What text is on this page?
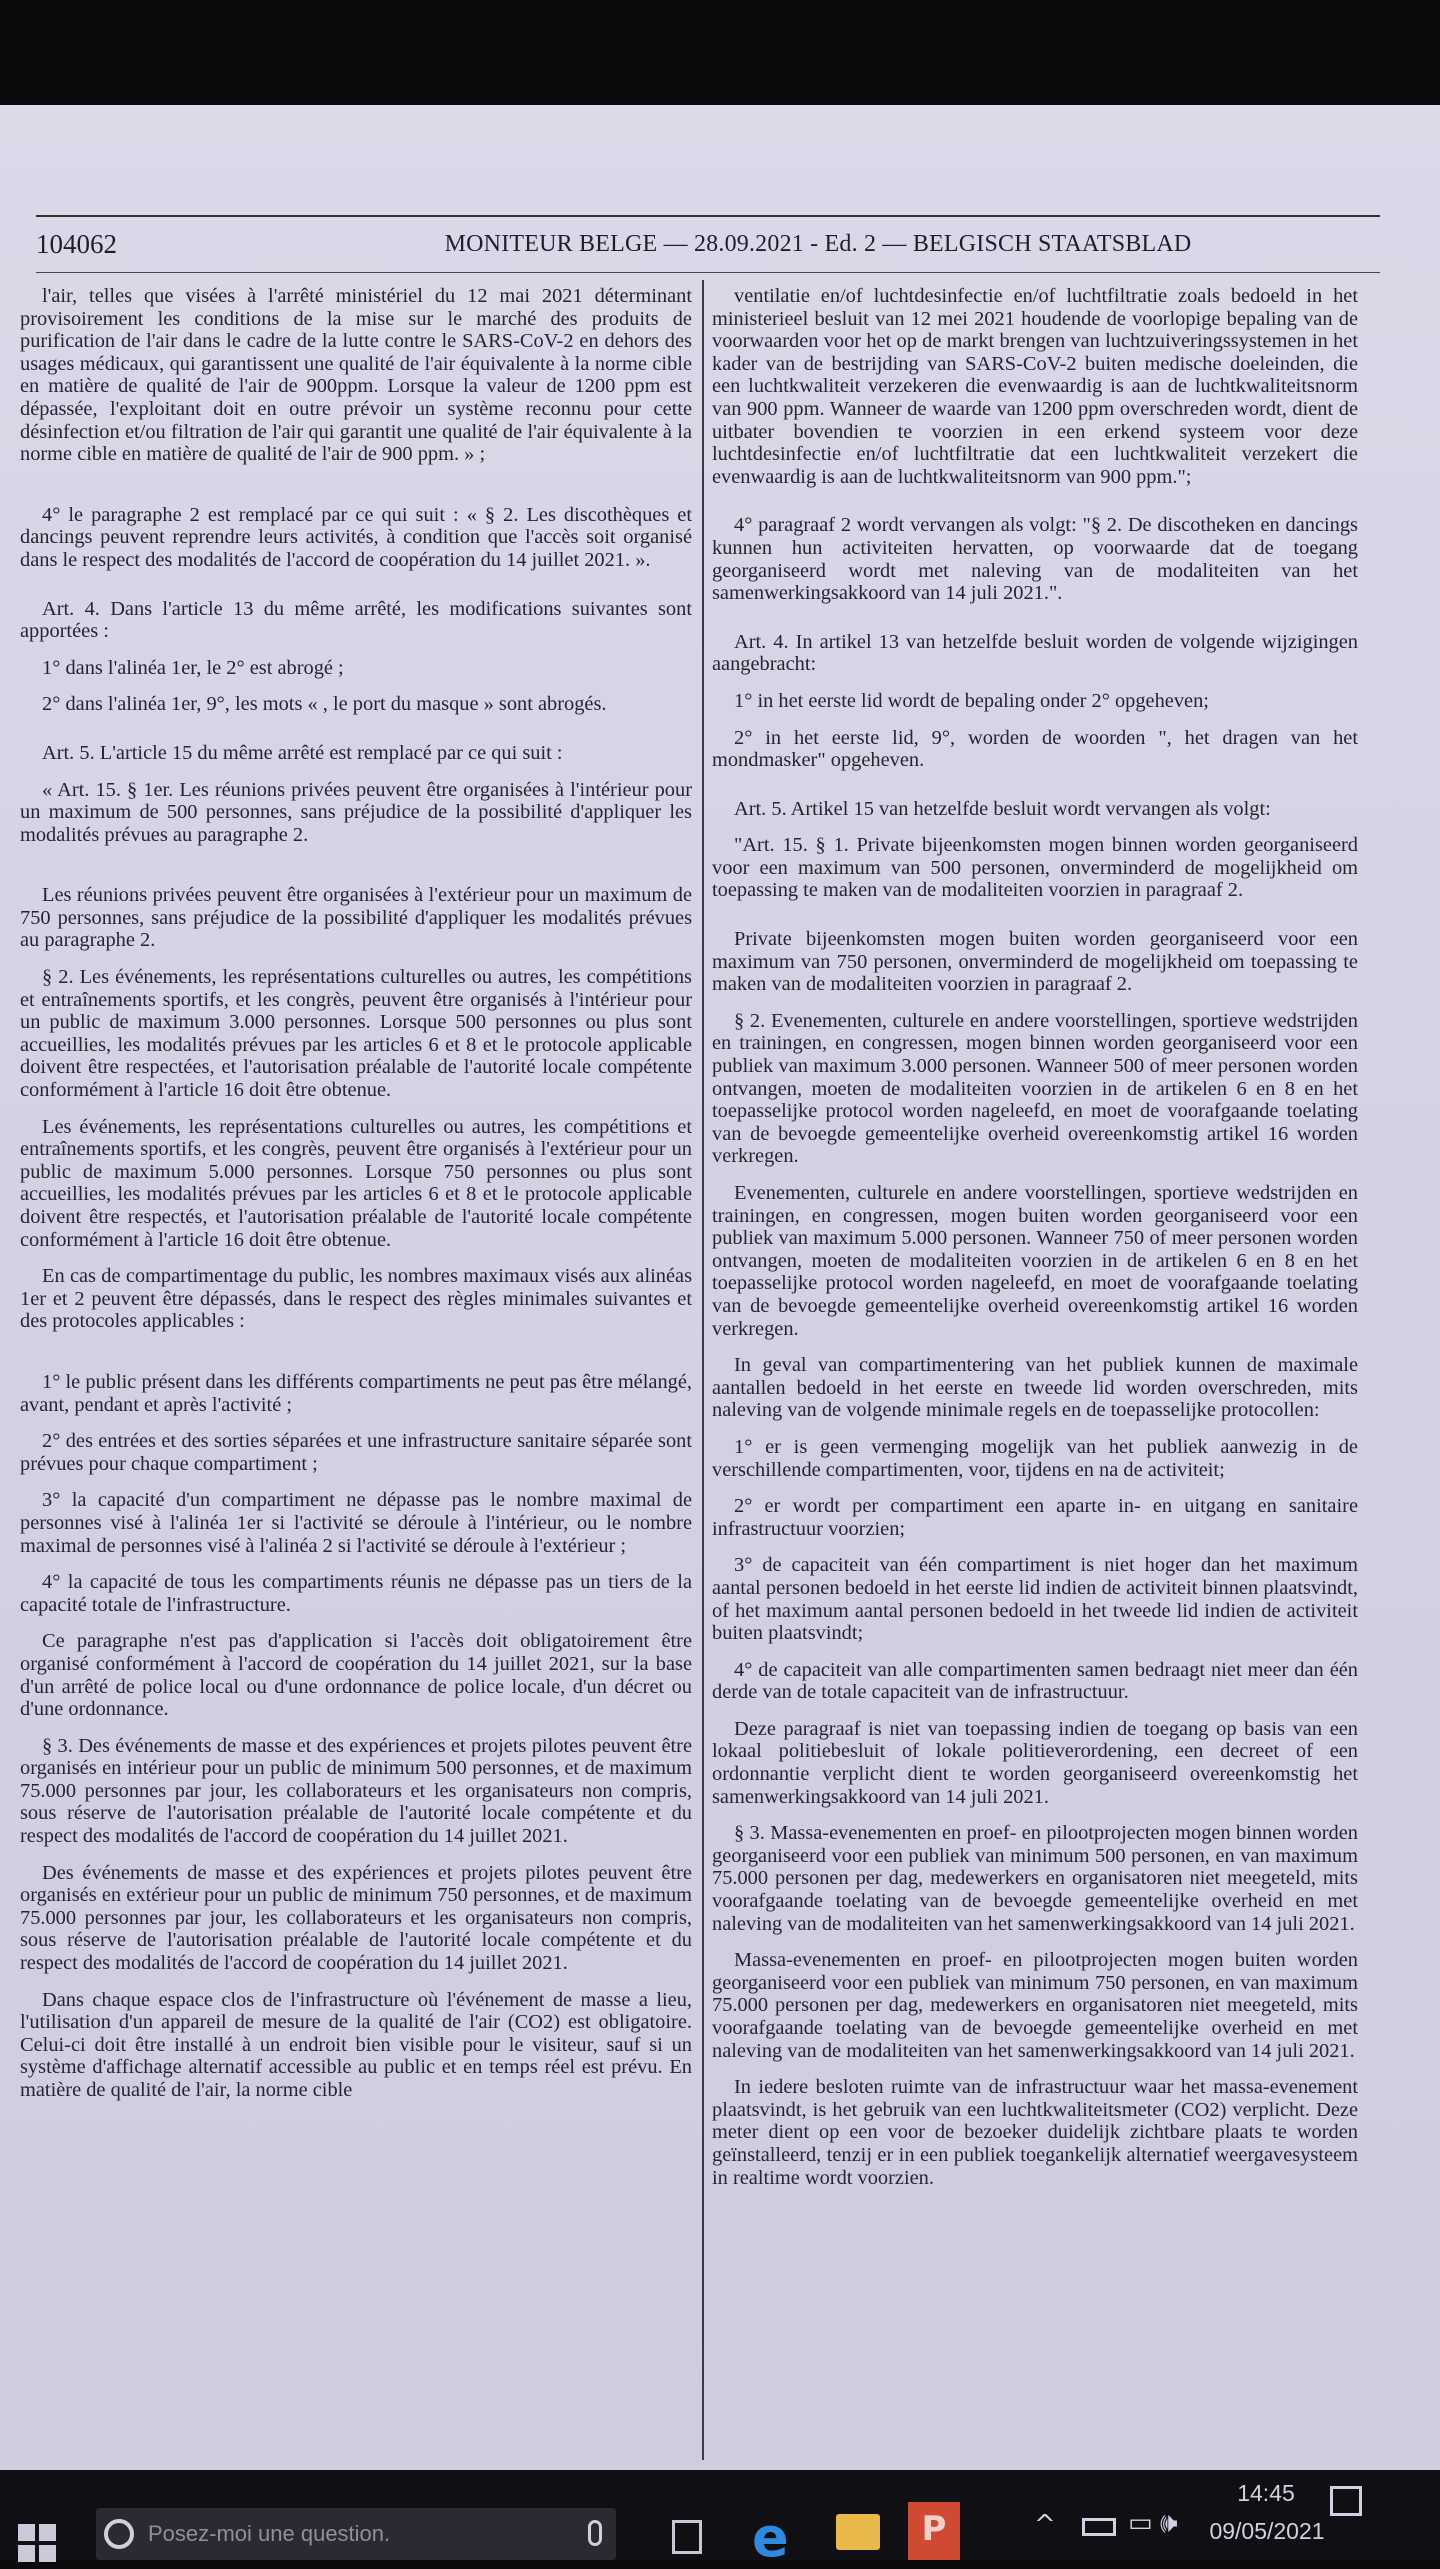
104062	MONITEUR BELGE — 28.09.2021 - Ed. 2 — BELGISCH STAATSBLAD

l'air, telles que visées à l'arrêté ministériel du 12 mai 2021 déterminant provisoirement les conditions de la mise sur le marché des produits de purification de l'air dans le cadre de la lutte contre le SARS-CoV-2 en dehors des usages médicaux, qui garantissent une qualité de l'air équivalente à la norme cible en matière de qualité de l'air de 900ppm. Lorsque la valeur de 1200 ppm est dépassée, l'exploitant doit en outre prévoir un système reconnu pour cette désinfection et/ou filtration de l'air qui garantit une qualité de l'air équivalente à la norme cible en matière de qualité de l'air de 900 ppm. » ;

4° le paragraphe 2 est remplacé par ce qui suit : « § 2. Les discothèques et dancings peuvent reprendre leurs activités, à condition que l'accès soit organisé dans le respect des modalités de l'accord de coopération du 14 juillet 2021. ».

Art. 4. Dans l'article 13 du même arrêté, les modifications suivantes sont apportées :

1° dans l'alinéa 1er, le 2° est abrogé ;

2° dans l'alinéa 1er, 9°, les mots « , le port du masque » sont abrogés.

Art. 5. L'article 15 du même arrêté est remplacé par ce qui suit :

« Art. 15. § 1er. Les réunions privées peuvent être organisées à l'intérieur pour un maximum de 500 personnes, sans préjudice de la possibilité d'appliquer les modalités prévues au paragraphe 2.

Les réunions privées peuvent être organisées à l'extérieur pour un maximum de 750 personnes, sans préjudice de la possibilité d'appliquer les modalités prévues au paragraphe 2.

§ 2. Les événements, les représentations culturelles ou autres, les compétitions et entraînements sportifs, et les congrès, peuvent être organisés à l'intérieur pour un public de maximum 3.000 personnes. Lorsque 500 personnes ou plus sont accueillies, les modalités prévues par les articles 6 et 8 et le protocole applicable doivent être respectées, et l'autorisation préalable de l'autorité locale compétente conformément à l'article 16 doit être obtenue.

Les événements, les représentations culturelles ou autres, les compétitions et entraînements sportifs, et les congrès, peuvent être organisés à l'extérieur pour un public de maximum 5.000 personnes. Lorsque 750 personnes ou plus sont accueillies, les modalités prévues par les articles 6 et 8 et le protocole applicable doivent être respectés, et l'autorisation préalable de l'autorité locale compétente conformément à l'article 16 doit être obtenue.

En cas de compartimentage du public, les nombres maximaux visés aux alinéas 1er et 2 peuvent être dépassés, dans le respect des règles minimales suivantes et des protocoles applicables :

1° le public présent dans les différents compartiments ne peut pas être mélangé, avant, pendant et après l'activité ;

2° des entrées et des sorties séparées et une infrastructure sanitaire séparée sont prévues pour chaque compartiment ;

3° la capacité d'un compartiment ne dépasse pas le nombre maximal de personnes visé à l'alinéa 1er si l'activité se déroule à l'intérieur, ou le nombre maximal de personnes visé à l'alinéa 2 si l'activité se déroule à l'extérieur ;

4° la capacité de tous les compartiments réunis ne dépasse pas un tiers de la capacité totale de l'infrastructure.

Ce paragraphe n'est pas d'application si l'accès doit obligatoirement être organisé conformément à l'accord de coopération du 14 juillet 2021, sur la base d'un arrêté de police local ou d'une ordonnance de police locale, d'un décret ou d'une ordonnance.

§ 3. Des événements de masse et des expériences et projets pilotes peuvent être organisés en intérieur pour un public de minimum 500 personnes, et de maximum 75.000 personnes par jour, les collaborateurs et les organisateurs non compris, sous réserve de l'autorisation préalable de l'autorité locale compétente et du respect des modalités de l'accord de coopération du 14 juillet 2021.

Des événements de masse et des expériences et projets pilotes peuvent être organisés en extérieur pour un public de minimum 750 personnes, et de maximum 75.000 personnes par jour, les collaborateurs et les organisateurs non compris, sous réserve de l'autorisation préalable de l'autorité locale compétente et du respect des modalités de l'accord de coopération du 14 juillet 2021.

Dans chaque espace clos de l'infrastructure où l'événement de masse a lieu, l'utilisation d'un appareil de mesure de la qualité de l'air (CO2) est obligatoire. Celui-ci doit être installé à un endroit bien visible pour le visiteur, sauf si un système d'affichage alternatif accessible au public et en temps réel est prévu. En matière de qualité de l'air, la norme cible

ventilatie en/of luchtdesinfectie en/of luchtfiltratie zoals bedoeld in het ministerieel besluit van 12 mei 2021 houdende de voorlopige bepaling van de voorwaarden voor het op de markt brengen van luchtzuiveringssystemen in het kader van de bestrijding van SARS-CoV-2 buiten medische doeleinden, die een luchtkwaliteit verzekeren die evenwaardig is aan de luchtkwaliteitsnorm van 900 ppm. Wanneer de waarde van 1200 ppm overschreden wordt, dient de uitbater bovendien te voorzien in een erkend systeem voor deze luchtdesinfectie en/of luchtfiltratie dat een luchtkwaliteit verzekert die evenwaardig is aan de luchtkwaliteitsnorm van 900 ppm.";

4° paragraaf 2 wordt vervangen als volgt: "§ 2. De discotheken en dancings kunnen hun activiteiten hervatten, op voorwaarde dat de toegang georganiseerd wordt met naleving van de modaliteiten van het samenwerkingsakkoord van 14 juli 2021.".

Art. 4. In artikel 13 van hetzelfde besluit worden de volgende wijzigingen aangebracht:

1° in het eerste lid wordt de bepaling onder 2° opgeheven;

2° in het eerste lid, 9°, worden de woorden ", het dragen van het mondmasker" opgeheven.

Art. 5. Artikel 15 van hetzelfde besluit wordt vervangen als volgt:

"Art. 15. § 1. Private bijeenkomsten mogen binnen worden georganiseerd voor een maximum van 500 personen, onverminderd de mogelijkheid om toepassing te maken van de modaliteiten voorzien in paragraaf 2.

Private bijeenkomsten mogen buiten worden georganiseerd voor een maximum van 750 personen, onverminderd de mogelijkheid om toepassing te maken van de modaliteiten voorzien in paragraaf 2.

§ 2. Evenementen, culturele en andere voorstellingen, sportieve wedstrijden en trainingen, en congressen, mogen binnen worden georganiseerd voor een publiek van maximum 3.000 personen. Wanneer 500 of meer personen worden ontvangen, moeten de modaliteiten voorzien in de artikelen 6 en 8 en het toepasselijke protocol worden nageleefd, en moet de voorafgaande toelating van de bevoegde gemeentelijke overheid overeenkomstig artikel 16 worden verkregen.

Evenementen, culturele en andere voorstellingen, sportieve wedstrijden en trainingen, en congressen, mogen buiten worden georganiseerd voor een publiek van maximum 5.000 personen. Wanneer 750 of meer personen worden ontvangen, moeten de modaliteiten voorzien in de artikelen 6 en 8 en het toepasselijke protocol worden nageleefd, en moet de voorafgaande toelating van de bevoegde gemeentelijke overheid overeenkomstig artikel 16 worden verkregen.

In geval van compartimentering van het publiek kunnen de maximale aantallen bedoeld in het eerste en tweede lid worden overschreden, mits naleving van de volgende minimale regels en de toepasselijke protocollen:

1° er is geen vermenging mogelijk van het publiek aanwezig in de verschillende compartimenten, voor, tijdens en na de activiteit;

2° er wordt per compartiment een aparte in- en uitgang en sanitaire infrastructuur voorzien;

3° de capaciteit van één compartiment is niet hoger dan het maximum aantal personen bedoeld in het eerste lid indien de activiteit binnen plaatsvindt, of het maximum aantal personen bedoeld in het tweede lid indien de activiteit buiten plaatsvindt;

4° de capaciteit van alle compartimenten samen bedraagt niet meer dan één derde van de totale capaciteit van de infrastructuur.

Deze paragraaf is niet van toepassing indien de toegang op basis van een lokaal politiebesluit of lokale politieverordening, een decreet of een ordonnantie verplicht dient te worden georganiseerd overeenkomstig het samenwerkingsakkoord van 14 juli 2021.

§ 3. Massa-evenementen en proef- en pilootprojecten mogen binnen worden georganiseerd voor een publiek van minimum 500 personen, en van maximum 75.000 personen per dag, medewerkers en organisatoren niet meegeteld, mits voorafgaande toelating van de bevoegde gemeentelijke overheid en met naleving van de modaliteiten van het samenwerkingsakkoord van 14 juli 2021.

Massa-evenementen en proef- en pilootprojecten mogen buiten worden georganiseerd voor een publiek van minimum 750 personen, en van maximum 75.000 personen per dag, medewerkers en organisatoren niet meegeteld, mits voorafgaande toelating van de bevoegde gemeentelijke overheid en met naleving van de modaliteiten van het samenwerkingsakkoord van 14 juli 2021.

In iedere besloten ruimte van de infrastructuur waar het massa-evenement plaatsvindt, is het gebruik van een luchtkwaliteitsmeter (CO2) verplicht. Deze meter dient op een voor de bezoeker duidelijk zichtbare plaats te worden geïnstalleerd, tenzij er in een publiek toegankelijk alternatief weergavesysteem in realtime wordt voorzien.

Posez-moi une question.	e	P	^	▭ 🕪
14:45
09/05/2021
